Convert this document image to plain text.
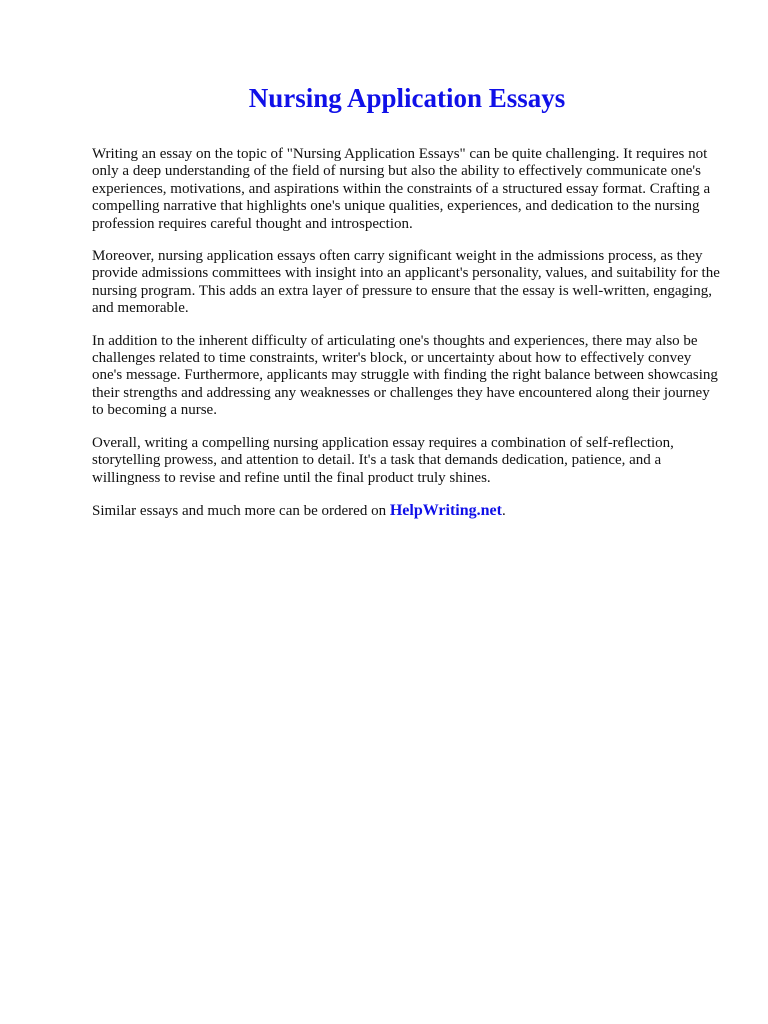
Nursing Application Essays

Writing an essay on the topic of "Nursing Application Essays" can be quite challenging. It requires not only a deep understanding of the field of nursing but also the ability to effectively communicate one's experiences, motivations, and aspirations within the constraints of a structured essay format. Crafting a compelling narrative that highlights one's unique qualities, experiences, and dedication to the nursing profession requires careful thought and introspection.

Moreover, nursing application essays often carry significant weight in the admissions process, as they provide admissions committees with insight into an applicant's personality, values, and suitability for the nursing program. This adds an extra layer of pressure to ensure that the essay is well-written, engaging, and memorable.

In addition to the inherent difficulty of articulating one's thoughts and experiences, there may also be challenges related to time constraints, writer's block, or uncertainty about how to effectively convey one's message. Furthermore, applicants may struggle with finding the right balance between showcasing their strengths and addressing any weaknesses or challenges they have encountered along their journey to becoming a nurse.

Overall, writing a compelling nursing application essay requires a combination of self-reflection, storytelling prowess, and attention to detail. It's a task that demands dedication, patience, and a willingness to revise and refine until the final product truly shines.

Similar essays and much more can be ordered on HelpWriting.net.
